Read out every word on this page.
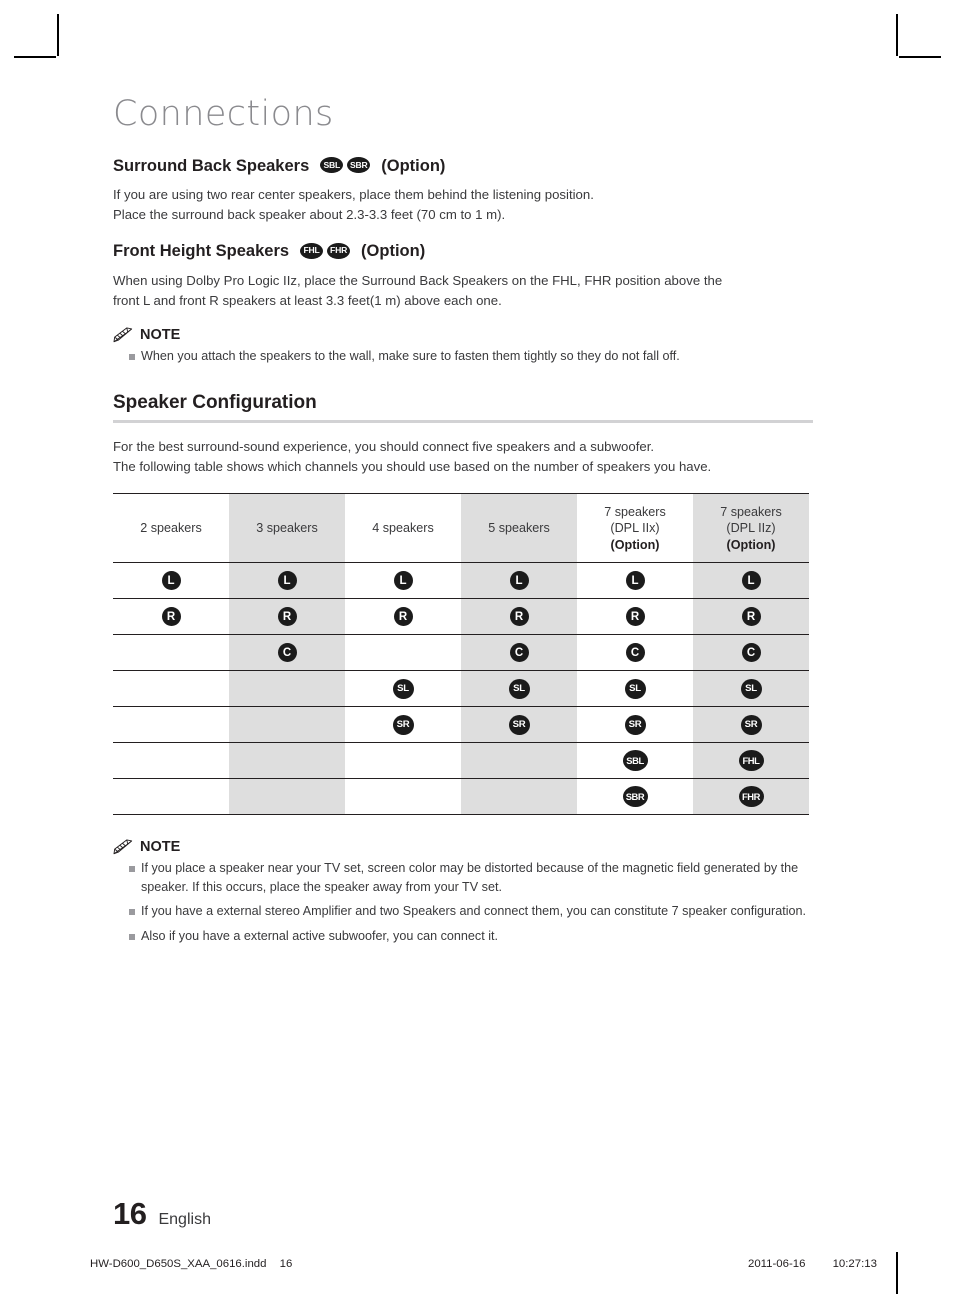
Connections
Surround Back Speakers	SBL	SBR (Option)
If you are using two rear center speakers, place them behind the listening position.
Place the surround back speaker about 2.3-3.3 feet (70 cm to 1 m).
Front Height Speakers	FHL	FHR (Option)
When using Dolby Pro Logic IIz, place the Surround Back Speakers on the FHL, FHR position above the
front L and front R speakers at least 3.3 feet(1 m) above each one.
NOTE
When you attach the speakers to the wall, make sure to fasten them tightly so they do not fall off.
Speaker Configuration
For the best surround-sound experience, you should connect five speakers and a subwoofer.
The following table shows which channels you should use based on the number of speakers you have.
2 speakers	3 speakers	4 speakers	5 speakers	7 speakers
(DPL IIx)
(Option)	7 speakers
(DPL IIz)
(Option)

L	L	L	L	L	L
R	R	R	R	R	R
	C		C	C	C
		SL	SL	SL	SL
		SR	SR	SR	SR
				SBL	FHL
				SBR	FHR
NOTE
If you place a speaker near your TV set, screen color may be distorted because of the magnetic field generated by the speaker. If this occurs, place the speaker away from your TV set.
If you have a external stereo Amplifier and two Speakers and connect them, you can constitute 7 speaker configuration.
Also if you have a external active subwoofer, you can connect it.
16 English
HW-D600_D650S_XAA_0616.indd 16	2011-06-16 10:27:13
